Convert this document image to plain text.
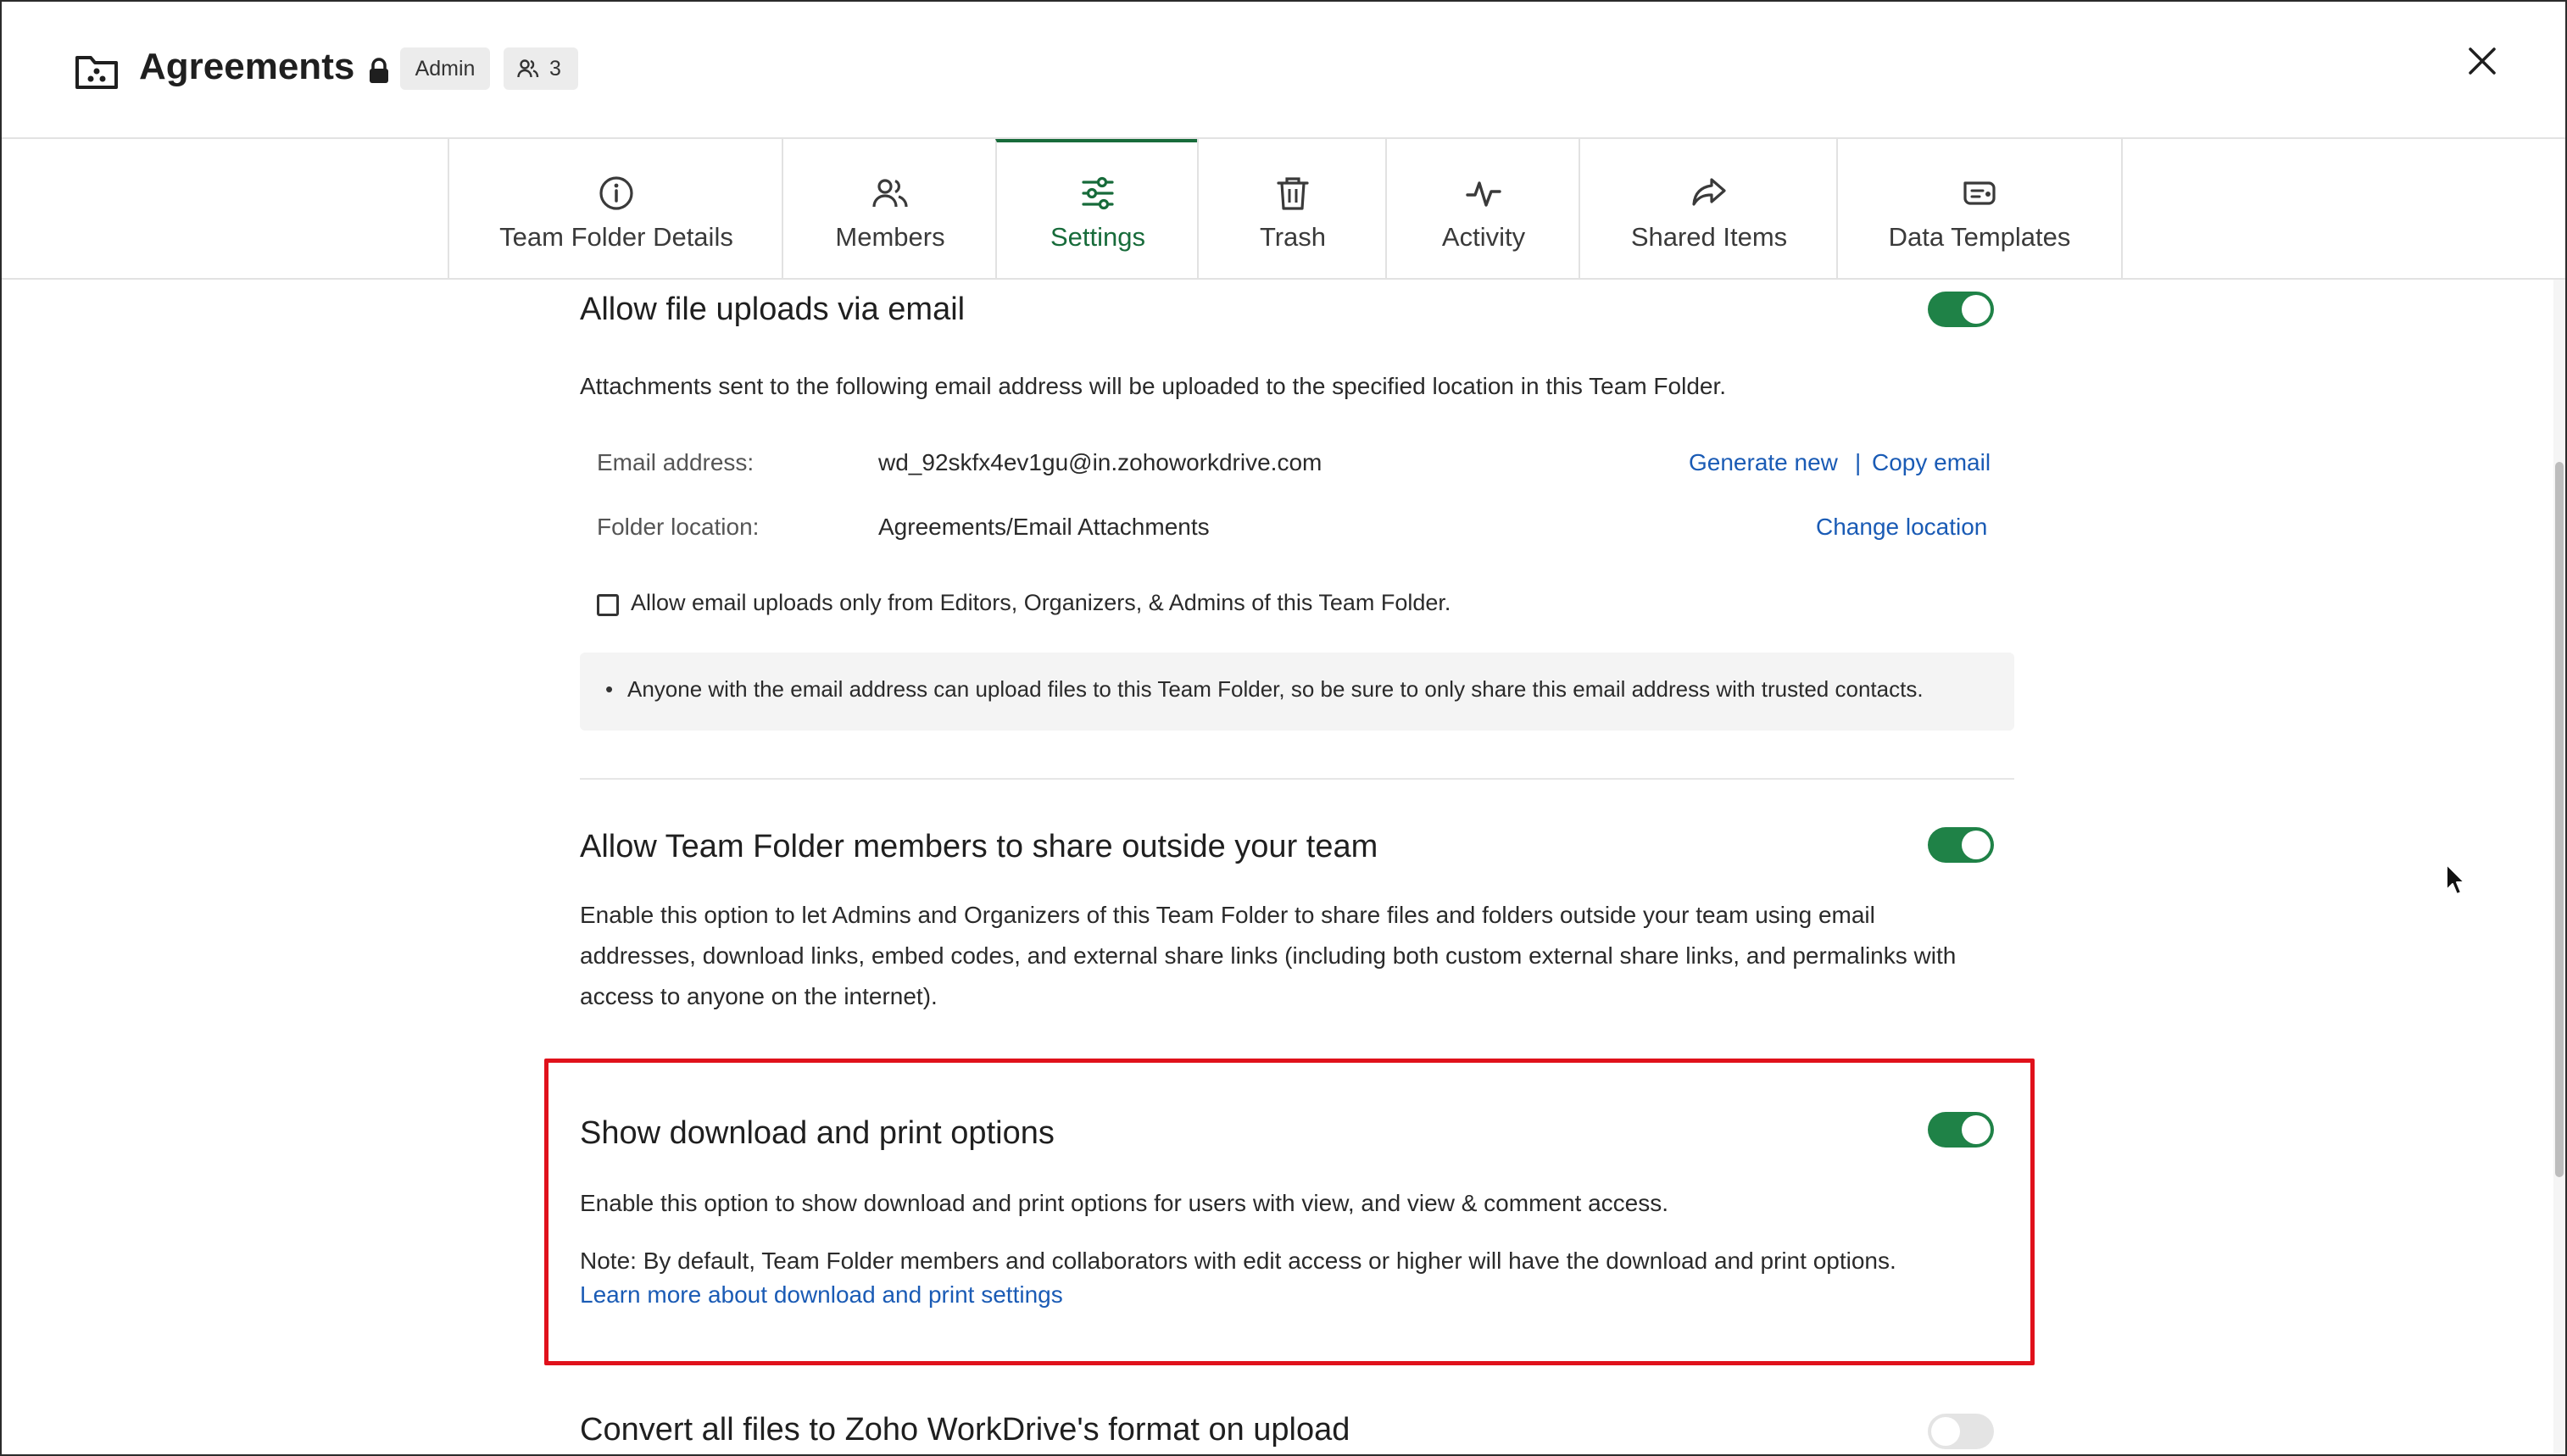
Agreements	Admin	3
Team Folder Details	Members	Settings	Trash	Activity	Shared Items	Data Templates
Allow file uploads via email
Attachments sent to the following email address will be uploaded to the specified location in this Team Folder.
Email address:	wd_92skfx4ev1gu@in.zohoworkdrive.com	Generate new | Copy email
Folder location:	Agreements/Email Attachments	Change location
Allow email uploads only from Editors, Organizers, & Admins of this Team Folder.
• Anyone with the email address can upload files to this Team Folder, so be sure to only share this email address with trusted contacts.
Allow Team Folder members to share outside your team
Enable this option to let Admins and Organizers of this Team Folder to share files and folders outside your team using email
addresses, download links, embed codes, and external share links (including both custom external share links, and permalinks with
access to anyone on the internet).
Show download and print options
Enable this option to show download and print options for users with view, and view & comment access.
Note: By default, Team Folder members and collaborators with edit access or higher will have the download and print options.
Learn more about download and print settings
Convert all files to Zoho WorkDrive's format on upload
